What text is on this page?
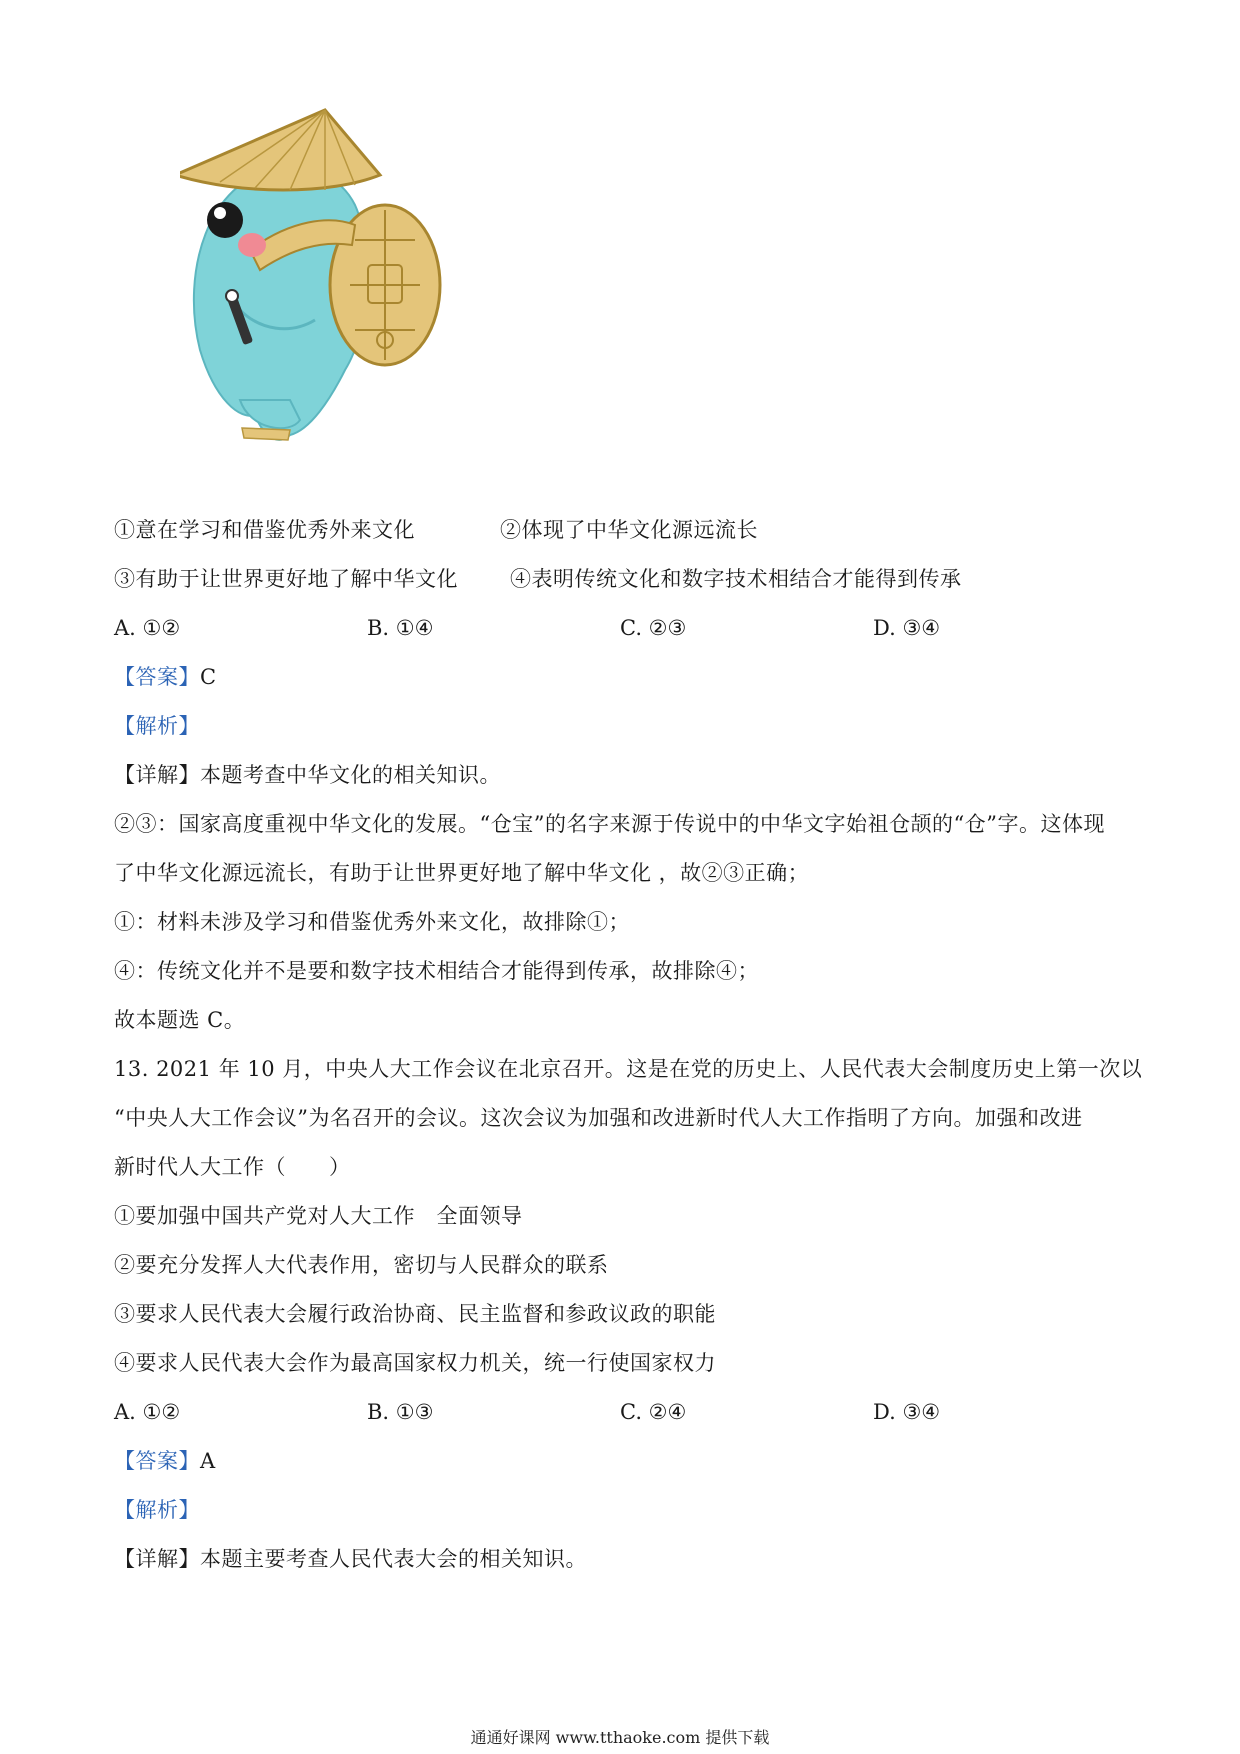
①意在学习和借鉴优秀外来文化	②体现了中华文化源远流长
③有助于让世界更好地了解中华文化 ④表明传统文化和数字技术相结合才能得到传承
A. ①②	B. ①④	C. ②③	D. ③④
【答案】C
【解析】
【详解】本题考查中华文化的相关知识。
②③：国家高度重视中华文化的发展。“仓宝”的名字来源于传说中的中华文字始祖仓颉的“仓”字。这体现
了中华文化源远流长，有助于让世界更好地了解中华文化 ，故②③正确；
①：材料未涉及学习和借鉴优秀外来文化，故排除①；
④：传统文化并不是要和数字技术相结合才能得到传承，故排除④；
故本题选 C。
13. 2021 年 10 月，中央人大工作会议在北京召开。这是在党的历史上、人民代表大会制度历史上第一次以
“中央人大工作会议”为名召开的会议。这次会议为加强和改进新时代人大工作指明了方向。加强和改进
新时代人大工作（　　）
①要加强中国共产党对人大工作　全面领导
②要充分发挥人大代表作用，密切与人民群众的联系
③要求人民代表大会履行政治协商、民主监督和参政议政的职能
④要求人民代表大会作为最高国家权力机关，统一行使国家权力
A. ①②	B. ①③	C. ②④	D. ③④
【答案】A
【解析】
【详解】本题主要考查人民代表大会的相关知识。
通通好课网 www.tthaoke.com 提供下载
